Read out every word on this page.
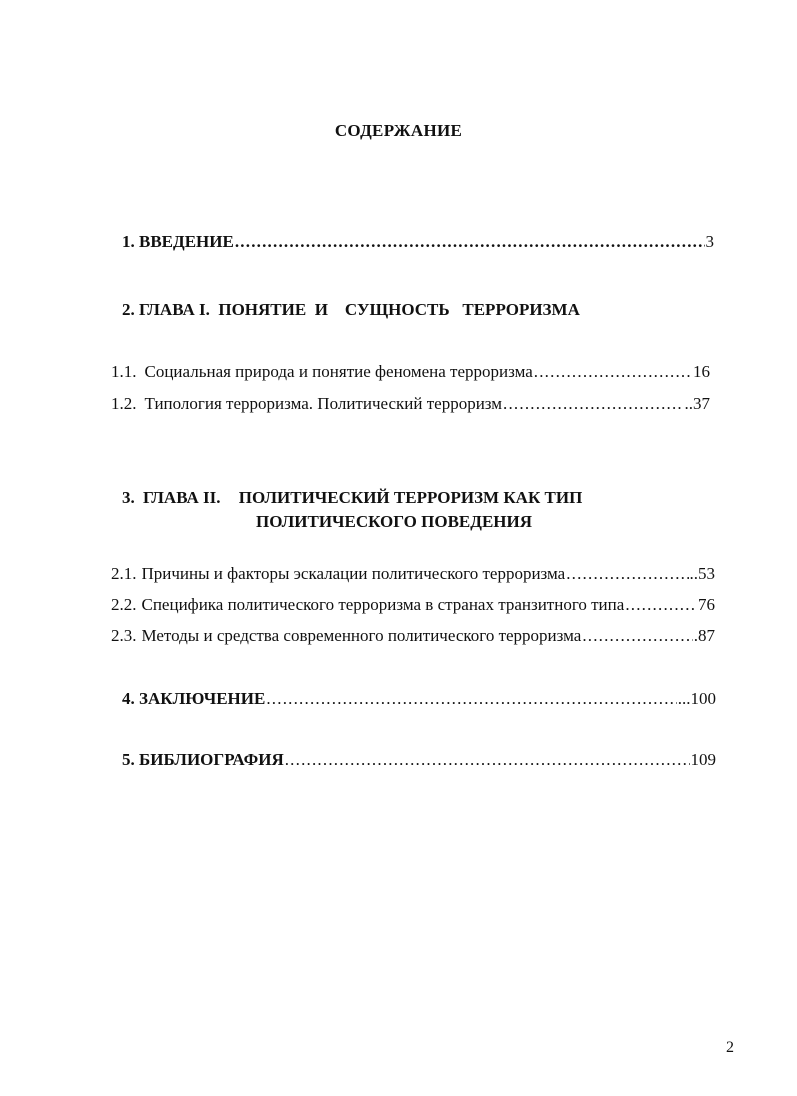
СОДЕРЖАНИЕ
1. ВВЕДЕНИЕ .....	3
2. ГЛАВА I.  ПОНЯТИЕ  И    СУЩНОСТЬ   ТЕРРОРИЗМА
1.1. Социальная природа и понятие феномена терроризма .....	16
1.2. Типология терроризма. Политический терроризм .....	..37
3. ГЛАВА II. ПОЛИТИЧЕСКИЙ ТЕРРОРИЗМ КАК ТИП
ПОЛИТИЧЕСКОГО ПОВЕДЕНИЯ
2.1. Причины и факторы эскалации политического терроризма .....	..53
2.2. Специфика политического терроризма в странах транзитного типа .....	76
2.3. Методы и средства современного политического терроризма .....	.87
4. ЗАКЛЮЧЕНИЕ .....	...100
5. БИБЛИОГРАФИЯ .....	109
2
